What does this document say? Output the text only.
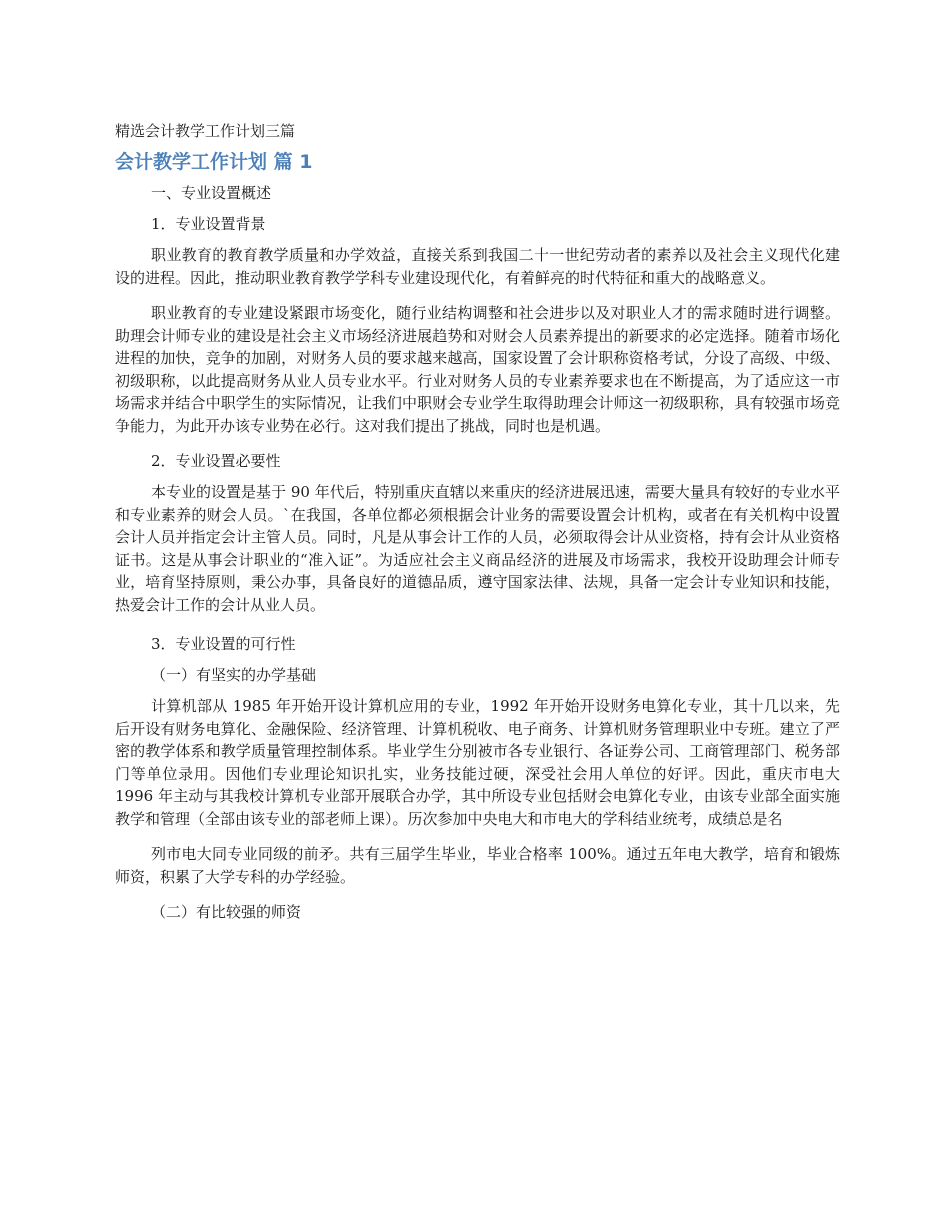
精选会计教学工作计划三篇
会计教学工作计划 篇 1
一、专业设置概述
1．专业设置背景

职业教育的教育教学质量和办学效益，直接关系到我国二十一世纪劳动者的素养以及社会主义现代化建设的进程。因此，推动职业教育教学学科专业建设现代化，有着鲜亮的时代特征和重大的战略意义。

职业教育的专业建设紧跟市场变化，随行业结构调整和社会进步以及对职业人才的需求随时进行调整。助理会计师专业的建设是社会主义市场经济进展趋势和对财会人员素养提出的新要求的必定选择。随着市场化进程的加快，竞争的加剧，对财务人员的要求越来越高，国家设置了会计职称资格考试，分设了高级、中级、初级职称，以此提高财务从业人员专业水平。行业对财务人员的专业素养要求也在不断提高，为了适应这一市场需求并结合中职学生的实际情况，让我们中职财会专业学生取得助理会计师这一初级职称，具有较强市场竞争能力，为此开办该专业势在必行。这对我们提出了挑战，同时也是机遇。

2．专业设置必要性

本专业的设置是基于 90 年代后，特别重庆直辖以来重庆的经济进展迅速，需要大量具有较好的专业水平和专业素养的财会人员。`在我国，各单位都必须根据会计业务的需要设置会计机构，或者在有关机构中设置会计人员并指定会计主管人员。同时，凡是从事会计工作的人员，必须取得会计从业资格，持有会计从业资格证书。这是从事会计职业的“准入证”。为适应社会主义商品经济的进展及市场需求，我校开设助理会计师专业，培育坚持原则，秉公办事，具备良好的道德品质，遵守国家法律、法规，具备一定会计专业知识和技能，热爱会计工作的会计从业人员。

3．专业设置的可行性
（一）有坚实的办学基础

计算机部从 1985 年开始开设计算机应用的专业，1992 年开始开设财务电算化专业，其十几以来，先后开设有财务电算化、金融保险、经济管理、计算机税收、电子商务、计算机财务管理职业中专班。建立了严密的教学体系和教学质量管理控制体系。毕业学生分别被市各专业银行、各证券公司、工商管理部门、税务部门等单位录用。因他们专业理论知识扎实，业务技能过硬，深受社会用人单位的好评。因此，重庆市电大 1996 年主动与其我校计算机专业部开展联合办学，其中所设专业包括财会电算化专业，由该专业部全面实施教学和管理（全部由该专业的部老师上课）。历次参加中央电大和市电大的学科结业统考，成绩总是名

列市电大同专业同级的前矛。共有三届学生毕业，毕业合格率 100%。通过五年电大教学，培育和锻炼师资，积累了大学专科的办学经验。

（二）有比较强的师资
